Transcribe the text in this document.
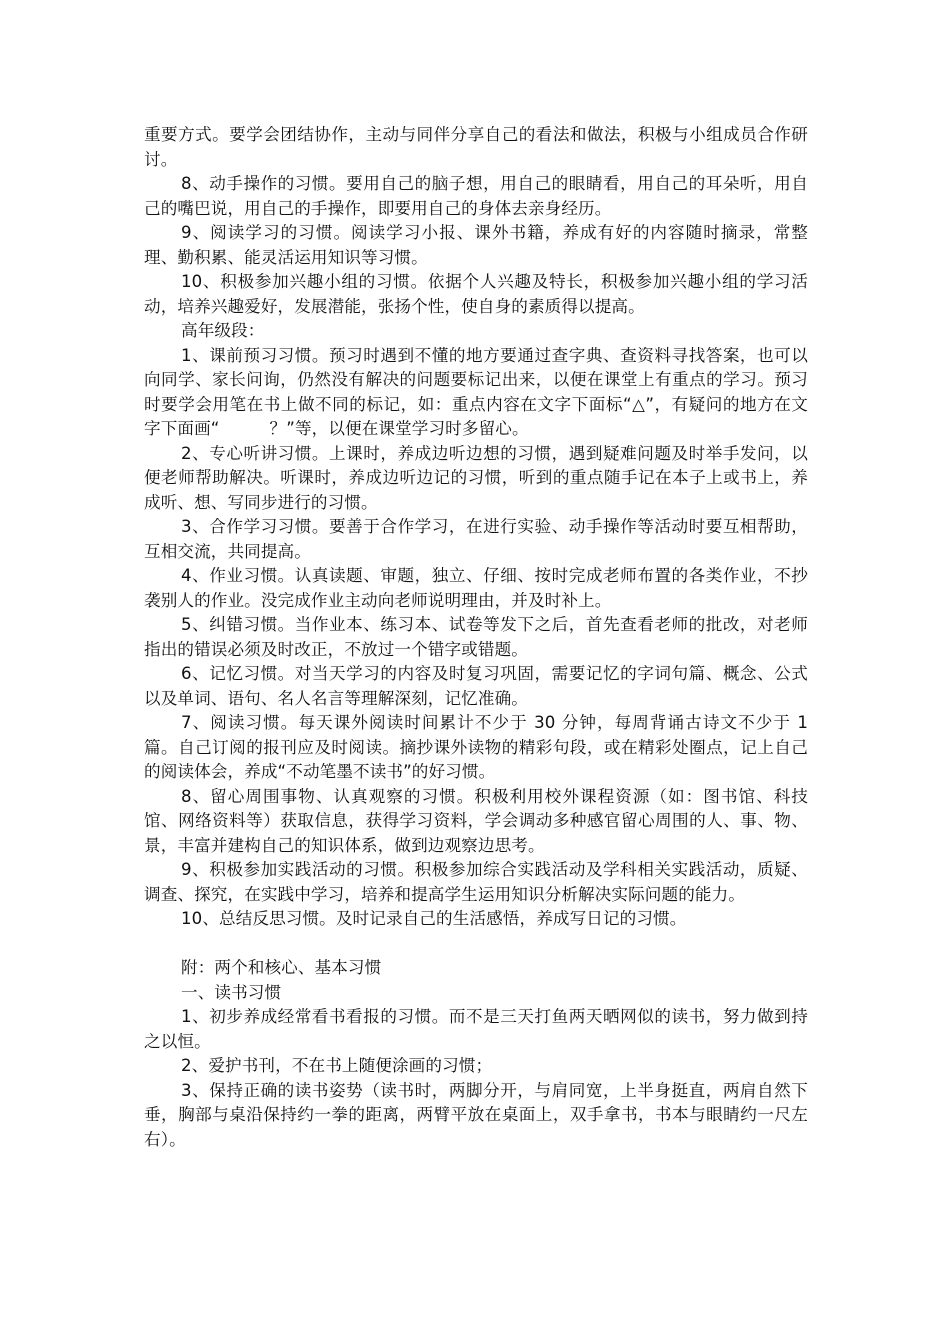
重要方式。要学会团结协作，主动与同伴分享自己的看法和做法，积极与小组成员合作研讨。

8、动手操作的习惯。要用自己的脑子想，用自己的眼睛看，用自己的耳朵听，用自己的嘴巴说，用自己的手操作，即要用自己的身体去亲身经历。

9、阅读学习的习惯。阅读学习小报、课外书籍，养成有好的内容随时摘录，常整理、勤积累、能灵活运用知识等习惯。

10、积极参加兴趣小组的习惯。依据个人兴趣及特长，积极参加兴趣小组的学习活动，培养兴趣爱好，发展潜能，张扬个性，使自身的素质得以提高。

高年级段：

1、课前预习习惯。预习时遇到不懂的地方要通过查字典、查资料寻找答案，也可以向同学、家长问询，仍然没有解决的问题要标记出来，以便在课堂上有重点的学习。预习时要学会用笔在书上做不同的标记，如：重点内容在文字下面标“△”，有疑问的地方在文字下面画“　　　？”等，以便在课堂学习时多留心。

2、专心听讲习惯。上课时，养成边听边想的习惯，遇到疑难问题及时举手发问，以便老师帮助解决。听课时，养成边听边记的习惯，听到的重点随手记在本子上或书上，养成听、想、写同步进行的习惯。

3、合作学习习惯。要善于合作学习，在进行实验、动手操作等活动时要互相帮助，互相交流，共同提高。

4、作业习惯。认真读题、审题，独立、仔细、按时完成老师布置的各类作业，不抄袭别人的作业。没完成作业主动向老师说明理由，并及时补上。

5、纠错习惯。当作业本、练习本、试卷等发下之后，首先查看老师的批改，对老师指出的错误必须及时改正，不放过一个错字或错题。

6、记忆习惯。对当天学习的内容及时复习巩固，需要记忆的字词句篇、概念、公式以及单词、语句、名人名言等理解深刻，记忆准确。

7、阅读习惯。每天课外阅读时间累计不少于 30 分钟，每周背诵古诗文不少于 1 篇。自己订阅的报刊应及时阅读。摘抄课外读物的精彩句段，或在精彩处圈点，记上自己的阅读体会，养成“不动笔墨不读书”的好习惯。

8、留心周围事物、认真观察的习惯。积极利用校外课程资源（如：图书馆、科技馆、网络资料等）获取信息，获得学习资料，学会调动多种感官留心周围的人、事、物、景，丰富并建构自己的知识体系，做到边观察边思考。

9、积极参加实践活动的习惯。积极参加综合实践活动及学科相关实践活动，质疑、调查、探究，在实践中学习，培养和提高学生运用知识分析解决实际问题的能力。

10、总结反思习惯。及时记录自己的生活感悟，养成写日记的习惯。

附：两个和核心、基本习惯

一、读书习惯

1、初步养成经常看书看报的习惯。而不是三天打鱼两天晒网似的读书，努力做到持之以恒。

2、爱护书刊，不在书上随便涂画的习惯；

3、保持正确的读书姿势（读书时，两脚分开，与肩同宽，上半身挺直，两肩自然下垂，胸部与桌沿保持约一拳的距离，两臂平放在桌面上，双手拿书，书本与眼睛约一尺左右）。
